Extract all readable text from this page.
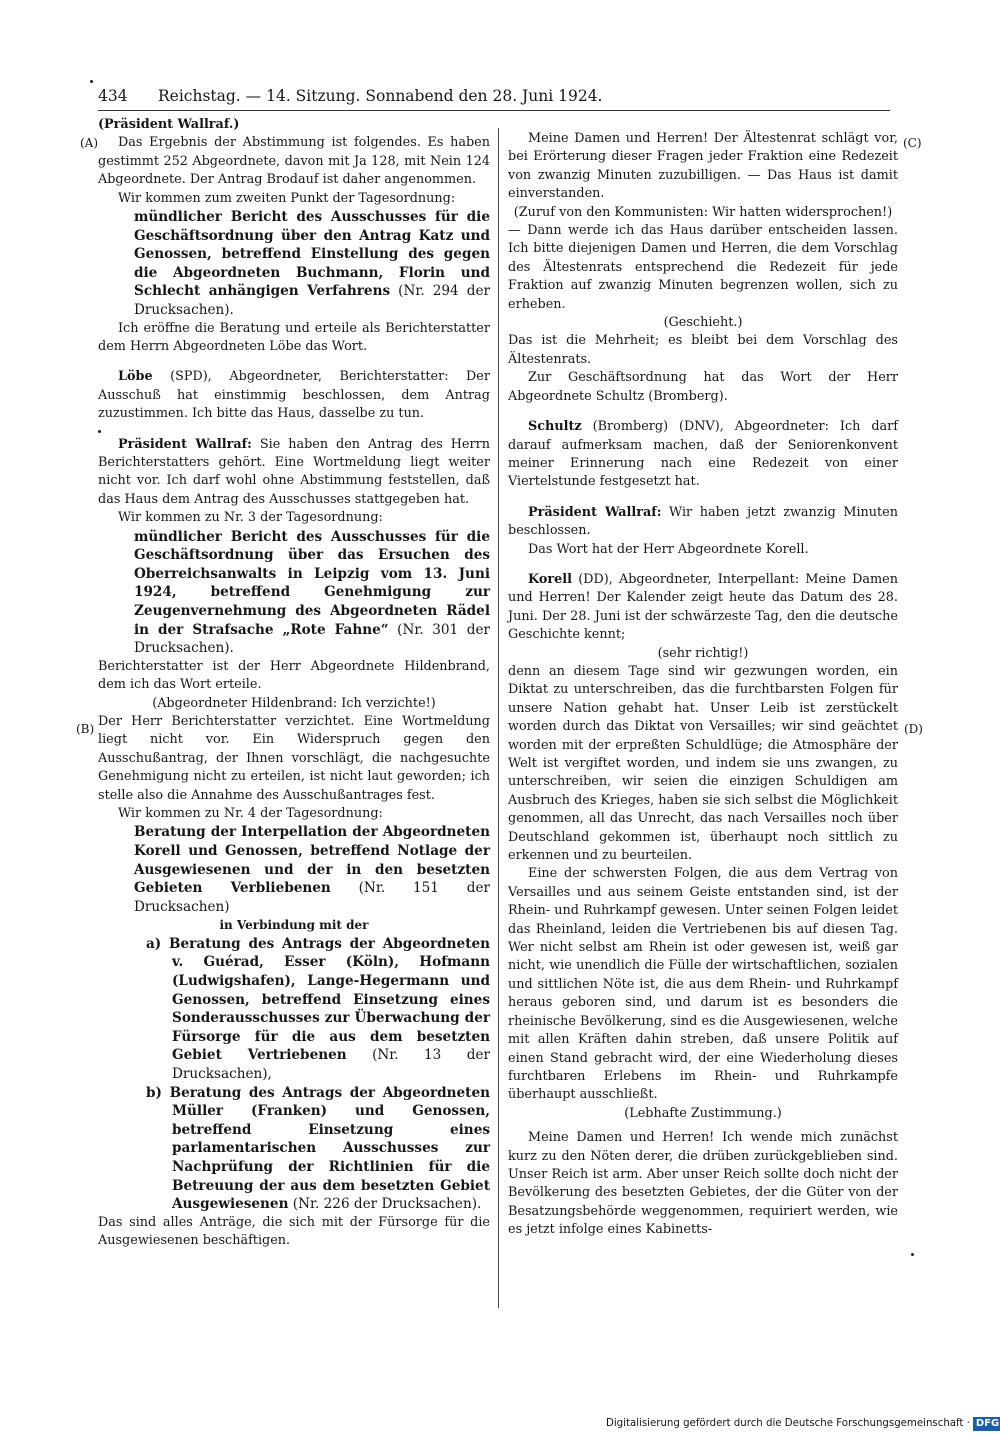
434 Reichstag. — 14. Sitzung. Sonnabend den 28. Juni 1924.
(A)
(B)
(C)
(D)

(Präsident Wallraf.)

Das Ergebnis der Abstimmung ist folgendes. Es haben gestimmt 252 Abgeordnete, davon mit Ja 128, mit Nein 124 Abgeordnete. Der Antrag Brodauf ist daher angenommen.

Wir kommen zum zweiten Punkt der Tagesordnung:

mündlicher Bericht des Ausschusses für die Geschäftsordnung über den Antrag Katz und Genossen, betreffend Einstellung des gegen die Abgeordneten Buchmann, Florin und Schlecht anhängigen Verfahrens (Nr. 294 der Drucksachen).

Ich eröffne die Beratung und erteile als Berichterstatter dem Herrn Abgeordneten Löbe das Wort.

Löbe (SPD), Abgeordneter, Berichterstatter: Der Ausschuß hat einstimmig beschlossen, dem Antrag zuzustimmen. Ich bitte das Haus, dasselbe zu tun.

Präsident Wallraf: Sie haben den Antrag des Herrn Berichterstatters gehört. Eine Wortmeldung liegt weiter nicht vor. Ich darf wohl ohne Abstimmung feststellen, daß das Haus dem Antrag des Ausschusses stattgegeben hat.

Wir kommen zu Nr. 3 der Tagesordnung:

mündlicher Bericht des Ausschusses für die Geschäftsordnung über das Ersuchen des Oberreichsanwalts in Leipzig vom 13. Juni 1924, betreffend Genehmigung zur Zeugenvernehmung des Abgeordneten Rädel in der Strafsache „Rote Fahne“ (Nr. 301 der Drucksachen).

Berichterstatter ist der Herr Abgeordnete Hildenbrand, dem ich das Wort erteile.

(Abgeordneter Hildenbrand: Ich verzichte!)

Der Herr Berichterstatter verzichtet. Eine Wortmeldung liegt nicht vor. Ein Widerspruch gegen den Ausschußantrag, der Ihnen vorschlägt, die nachgesuchte Genehmigung nicht zu erteilen, ist nicht laut geworden; ich stelle also die Annahme des Ausschußantrages fest.

Wir kommen zu Nr. 4 der Tagesordnung:

Beratung der Interpellation der Abgeordneten Korell und Genossen, betreffend Notlage der Ausgewiesenen und der in den besetzten Gebieten Verbliebenen (Nr. 151 der Drucksachen)

in Verbindung mit der

a) Beratung des Antrags der Abgeordneten v. Guérad, Esser (Köln), Hofmann (Ludwigshafen), Lange-Hegermann und Genossen, betreffend Einsetzung eines Sonderausschusses zur Überwachung der Fürsorge für die aus dem besetzten Gebiet Vertriebenen (Nr. 13 der Drucksachen),

b) Beratung des Antrags der Abgeordneten Müller (Franken) und Genossen, betreffend Einsetzung eines parlamentarischen Ausschusses zur Nachprüfung der Richtlinien für die Betreuung der aus dem besetzten Gebiet Ausgewiesenen (Nr. 226 der Drucksachen).

Das sind alles Anträge, die sich mit der Fürsorge für die Ausgewiesenen beschäftigen.

Meine Damen und Herren! Der Ältestenrat schlägt vor, bei Erörterung dieser Fragen jeder Fraktion eine Redezeit von zwanzig Minuten zuzubilligen. — Das Haus ist damit einverstanden.

(Zuruf von den Kommunisten: Wir hatten widersprochen!)

— Dann werde ich das Haus darüber entscheiden lassen. Ich bitte diejenigen Damen und Herren, die dem Vorschlag des Ältestenrats entsprechend die Redezeit für jede Fraktion auf zwanzig Minuten begrenzen wollen, sich zu erheben.

(Geschieht.)

Das ist die Mehrheit; es bleibt bei dem Vorschlag des Ältestenrats.

Zur Geschäftsordnung hat das Wort der Herr Abgeordnete Schultz (Bromberg).

Schultz (Bromberg) (DNV), Abgeordneter: Ich darf darauf aufmerksam machen, daß der Seniorenkonvent meiner Erinnerung nach eine Redezeit von einer Viertelstunde festgesetzt hat.

Präsident Wallraf: Wir haben jetzt zwanzig Minuten beschlossen.

Das Wort hat der Herr Abgeordnete Korell.

Korell (DD), Abgeordneter, Interpellant: Meine Damen und Herren! Der Kalender zeigt heute das Datum des 28. Juni. Der 28. Juni ist der schwärzeste Tag, den die deutsche Geschichte kennt;

(sehr richtig!)

denn an diesem Tage sind wir gezwungen worden, ein Diktat zu unterschreiben, das die furchtbarsten Folgen für unsere Nation gehabt hat. Unser Leib ist zerstückelt worden durch das Diktat von Versailles; wir sind geächtet worden mit der erpreßten Schuldlüge; die Atmosphäre der Welt ist vergiftet worden, und indem sie uns zwangen, zu unterschreiben, wir seien die einzigen Schuldigen am Ausbruch des Krieges, haben sie sich selbst die Möglichkeit genommen, all das Unrecht, das nach Versailles noch über Deutschland gekommen ist, überhaupt noch sittlich zu erkennen und zu beurteilen.

Eine der schwersten Folgen, die aus dem Vertrag von Versailles und aus seinem Geiste entstanden sind, ist der Rhein- und Ruhrkampf gewesen. Unter seinen Folgen leidet das Rheinland, leiden die Vertriebenen bis auf diesen Tag. Wer nicht selbst am Rhein ist oder gewesen ist, weiß gar nicht, wie unendlich die Fülle der wirtschaftlichen, sozialen und sittlichen Nöte ist, die aus dem Rhein- und Ruhrkampf heraus geboren sind, und darum ist es besonders die rheinische Bevölkerung, sind es die Ausgewiesenen, welche mit allen Kräften dahin streben, daß unsere Politik auf einen Stand gebracht wird, der eine Wiederholung dieses furchtbaren Erlebens im Rhein- und Ruhrkampfe überhaupt ausschließt.

(Lebhafte Zustimmung.)

Meine Damen und Herren! Ich wende mich zunächst kurz zu den Nöten derer, die drüben zurückgeblieben sind. Unser Reich ist arm. Aber unser Reich sollte doch nicht der Bevölkerung des besetzten Gebietes, der die Güter von der Besatzungsbehörde weggenommen, requiriert werden, wie es jetzt infolge eines Kabinetts-

Digitalisierung gefördert durch die Deutsche Forschungsgemeinschaft · DFG
